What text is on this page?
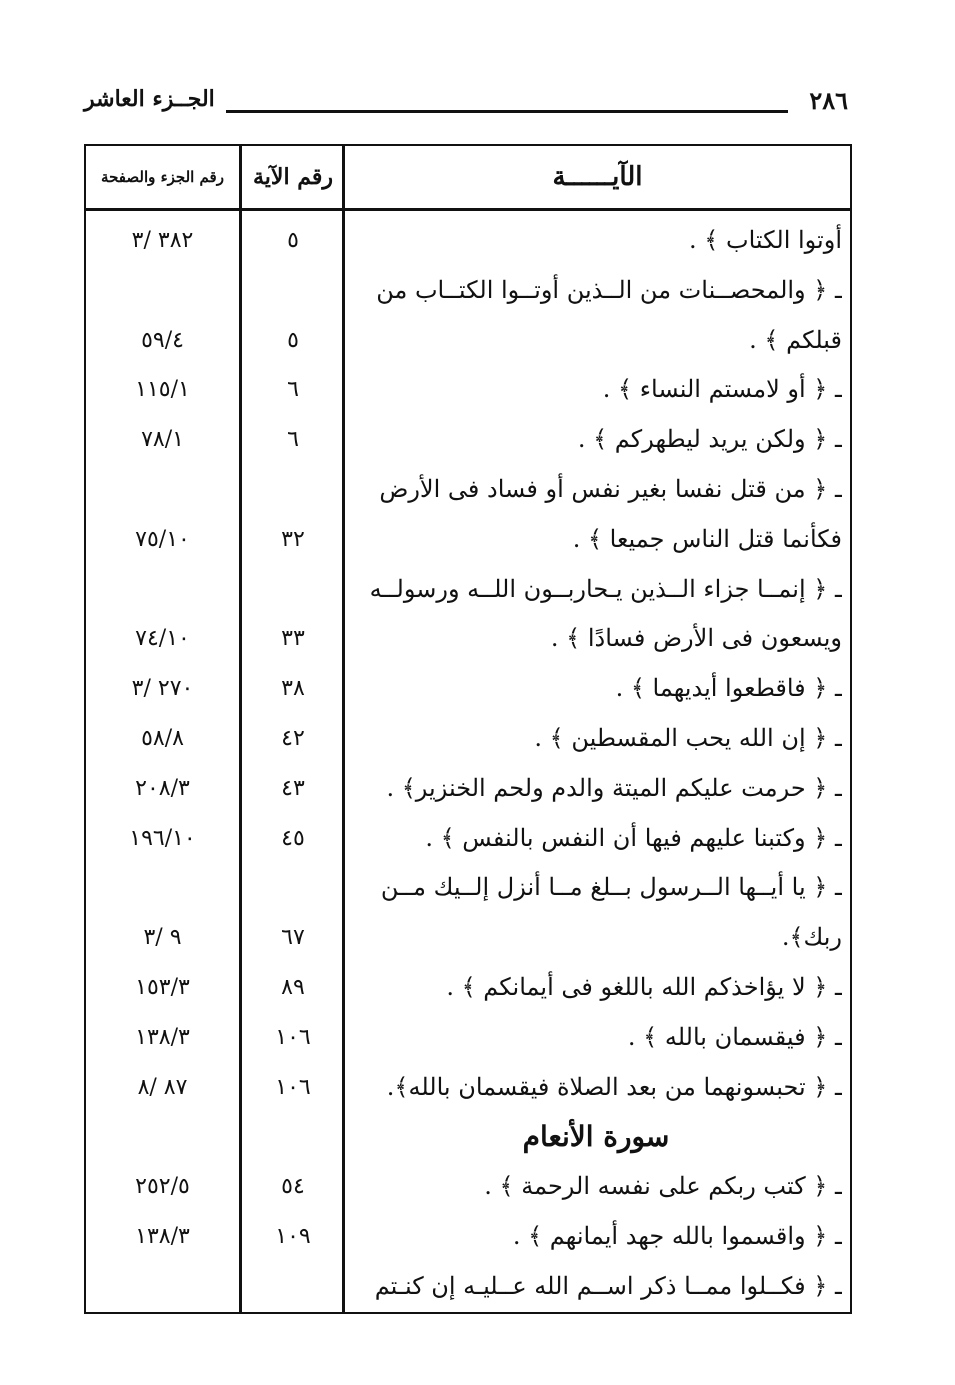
٢٨٦
الجــزء العاشر
الآيــــــة
رقم الآية
رقم الجزء والصفحة
أوتوا الكتاب ﴾ .
٥
٣٨٢ /٣
ـ ﴿ والمحصــنات من الــذين أوتــوا الكتــاب من
قبلكم ﴾ .
٥
٥٩/٤
ـ ﴿ أو لامستم النساء ﴾ .
٦
١١٥/١
ـ ﴿ ولكن يريد ليطهركم ﴾ .
٦
٧٨/١
ـ ﴿ من قتل نفسا بغير نفس أو فساد فى الأرض
فكأنما قتل الناس جميعا ﴾ .
٣٢
٧٥/١٠
ـ ﴿ إنمــا جزاء الــذين يـحاربــون اللــه ورسولــه
ويسعون فى الأرض فسادًا ﴾ .
٣٣
٧٤/١٠
ـ ﴿ فاقطعوا أيديهما ﴾ .
٣٨
٢٧٠ /٣
ـ ﴿ إن الله يحب المقسطين ﴾ .
٤٢
٥٨/٨
ـ ﴿ حرمت عليكم الميتة والدم ولحم الخنزير﴾ .
٤٣
٢٠٨/٣
ـ ﴿ وكتبنا عليهم فيها أن النفس بالنفس ﴾ .
٤٥
١٩٦/١٠
ـ ﴿ يا أيــها الــرسول بــلغ مــا أنزل إلــيك مــن
ربك﴾.
٦٧
٩ /٣
ـ ﴿ لا يؤاخذكم الله باللغو فى أيمانكم ﴾ .
٨٩
١٥٣/٣
ـ ﴿ فيقسمان بالله ﴾ .
١٠٦
١٣٨/٣
ـ ﴿ تحبسونهما من بعد الصلاة فيقسمان بالله﴾.
١٠٦
٨٧ /٨
سورة الأنعام
ـ ﴿ كتب ربكم على نفسه الرحمة ﴾ .
٥٤
٢٥٢/٥
ـ ﴿ واقسموا بالله جهد أيمانهم ﴾ .
١٠٩
١٣٨/٣
ـ ﴿ فكــلوا ممــا ذكر اســم الله عــليـه إن كنـتم
